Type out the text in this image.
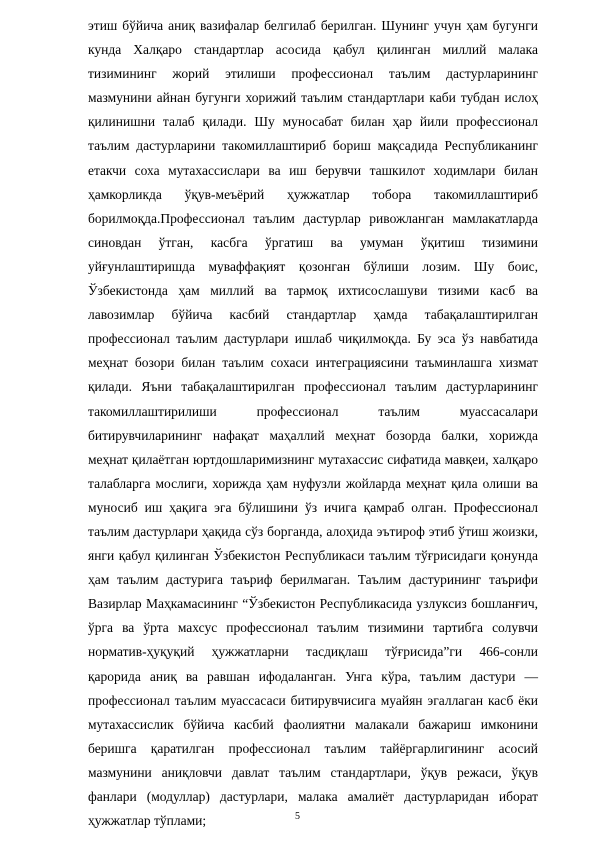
этиш бўйича аниқ вазифалар белгилаб берилган. Шунинг учун ҳам бугунги кунда Халқаро стандартлар асосида қабул қилинган миллий малака тизимининг жорий этилиши профессионал таълим дастурларининг мазмунини айнан бугунги хорижий таълим стандартлари каби тубдан ислоҳ қилинишни талаб қилади. Шу муносабат билан ҳар йили профессионал таълим дастурларини такомиллаштириб бориш мақсадида Республиканинг етакчи соха мутахассислари ва иш берувчи ташкилот ходимлари билан ҳамкорликда ўқув-меъёрий ҳужжатлар тобора такомиллаштириб борилмоқда.Профессионал таълим дастурлар ривожланган мамлакатларда синовдан ўтган, касбга ўргатиш ва умуман ўқитиш тизимини уйғунлаштиришда муваффақият қозонган бўлиши лозим. Шу боис, Ўзбекистонда ҳам миллий ва тармоқ ихтисослашуви тизими касб ва лавозимлар бўйича касбий стандартлар ҳамда табақалаштирилган профессионал таълим дастурлари ишлаб чиқилмоқда. Бу эса ўз навбатида меҳнат бозори билан таълим сохаси интеграциясини таъминлашга хизмат қилади. Яъни табақалаштирилган профессионал таълим дастурларининг такомиллаштирилиши профессионал таълим муассасалари битирувчиларининг нафақат маҳаллий меҳнат бозорда балки, хорижда меҳнат қилаётган юртдошларимизнинг мутахассис сифатида мавқеи, халқаро талабларга мослиги, хорижда ҳам нуфузли жойларда меҳнат қила олиши ва муносиб иш ҳақига эга бўлишини ўз ичига қамраб олган. Профессионал таълим дастурлари ҳақида сўз борганда, алоҳида эътироф этиб ўтиш жоизки, янги қабул қилинган Ўзбекистон Республикаси таълим тўғрисидаги қонунда ҳам таълим дастурига таъриф берилмаган. Таълим дастурининг таърифи Вазирлар Маҳкамасининг “Ўзбекистон Республикасида узлуксиз бошланғич, ўрга ва ўрта махсус профессионал таълим тизимини тартибга солувчи норматив-ҳуқуқий ҳужжатларни тасдиқлаш тўғрисида”ги 466-сонли қарорида аниқ ва равшан ифодаланган. Унга кўра, таълим дастури — профессионал таълим муассасаси битирувчисига муайян эгаллаган касб ёки мутахассислик бўйича касбий фаолиятни малакали бажариш имконини беришга қаратилган профессионал таълим тайёргарлигининг асосий мазмунини аниқловчи давлат таълим стандартлари, ўқув режаси, ўқув фанлари (модуллар) дастурлари, малака амалиёт дастурларидан иборат ҳужжатлар тўплами;	5
